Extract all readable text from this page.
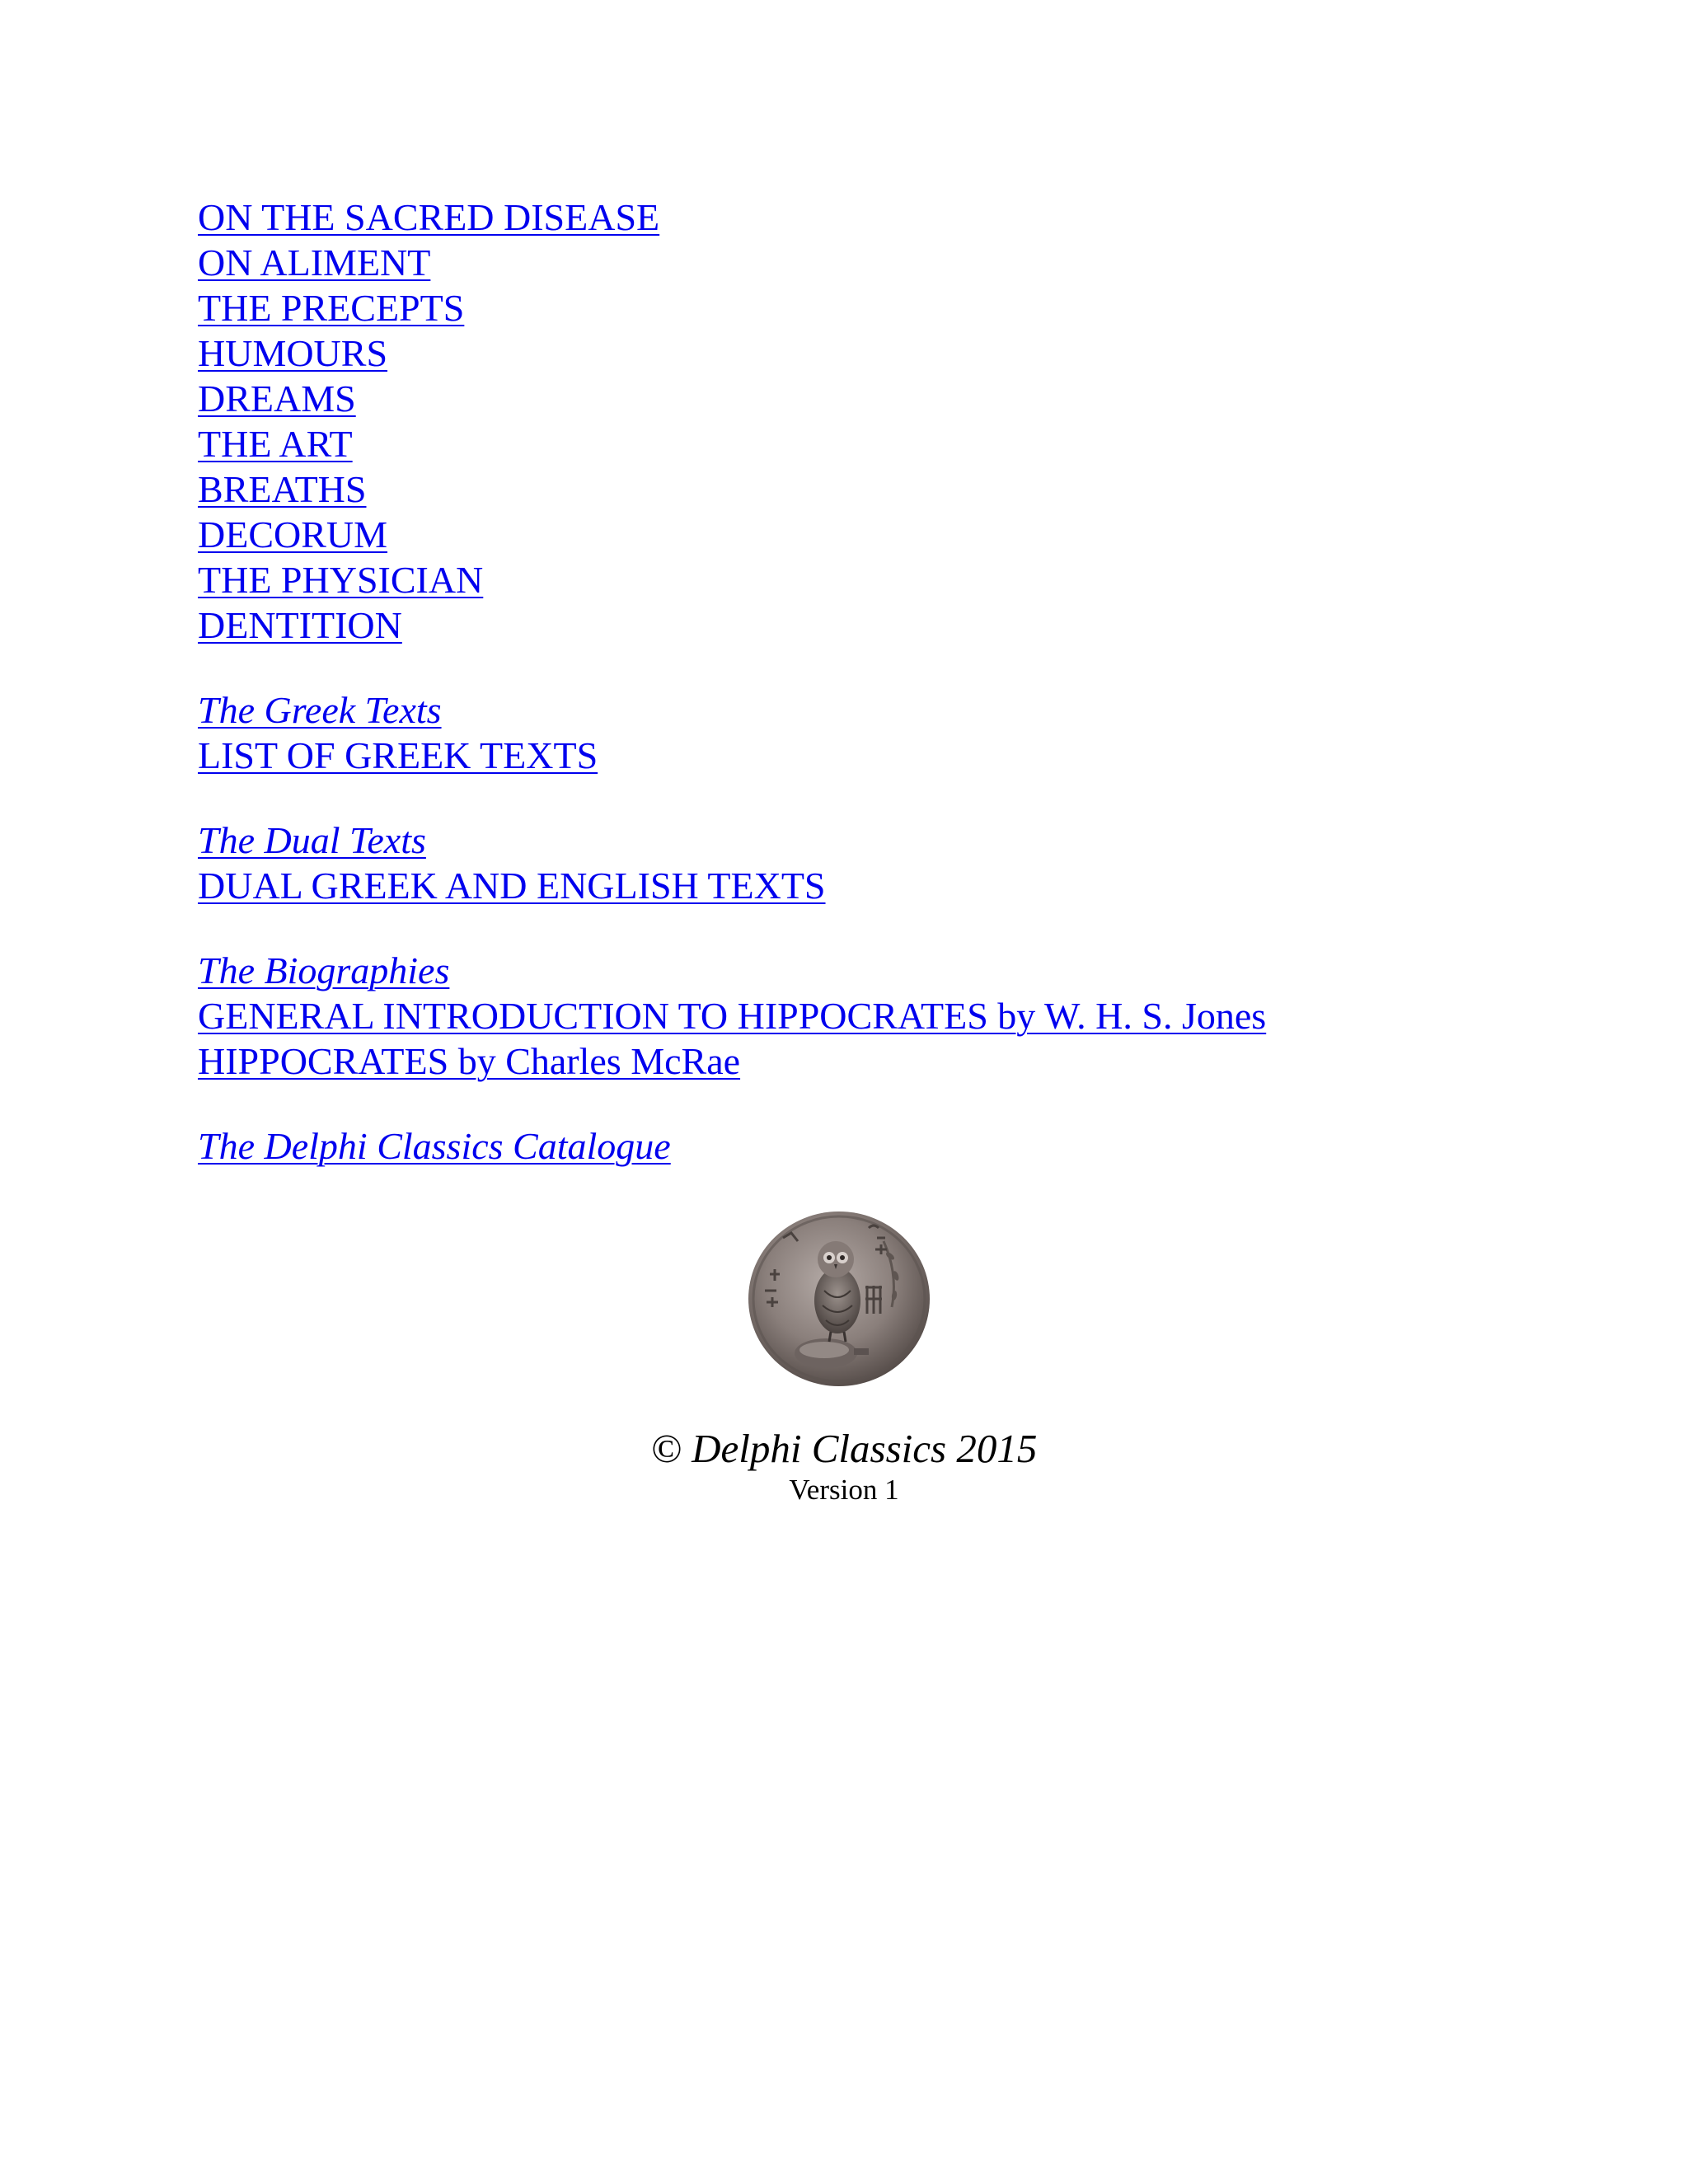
ON THE SACRED DISEASE
ON ALIMENT
THE PRECEPTS
HUMOURS
DREAMS
THE ART
BREATHS
DECORUM
THE PHYSICIAN
DENTITION
The Greek Texts
LIST OF GREEK TEXTS
The Dual Texts
DUAL GREEK AND ENGLISH TEXTS
The Biographies
GENERAL INTRODUCTION TO HIPPOCRATES by W. H. S. Jones
HIPPOCRATES by Charles McRae
The Delphi Classics Catalogue
© Delphi Classics 2015
Version 1
